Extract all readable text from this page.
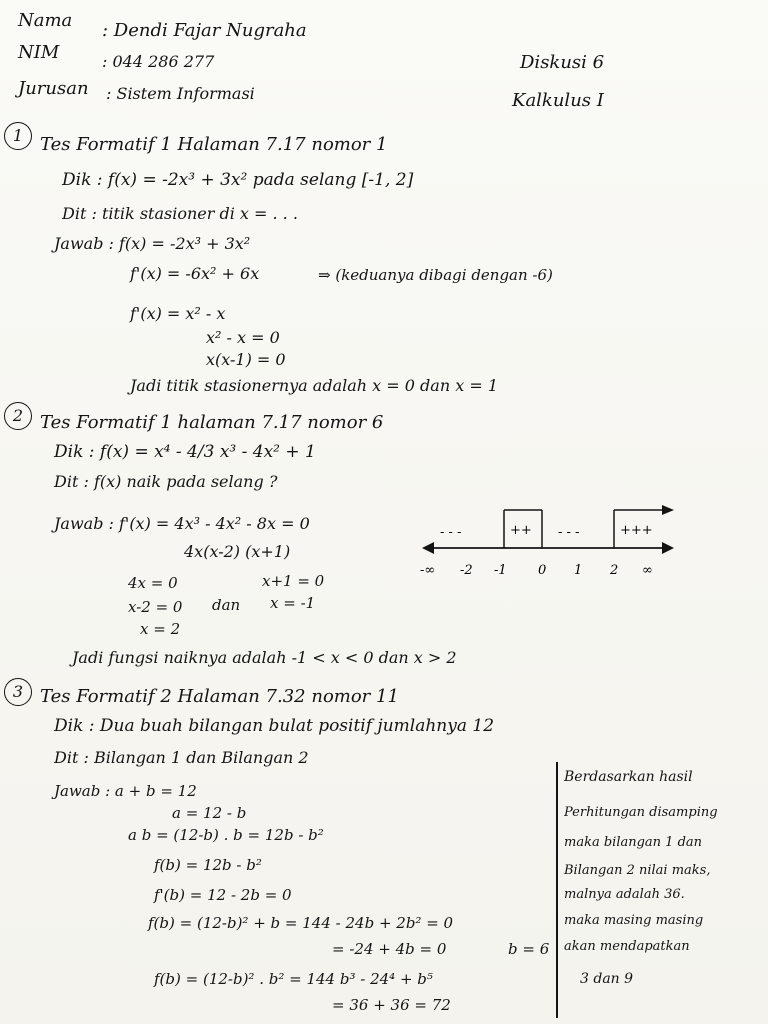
Nama : Dendi Fajar Nugraha
NIM	: 044 286 277
Jurusan : Sistem Informasi
Diskusi 6
Kalkulus I
1 Tes Formatif 1 Halaman 7.17 nomor 1
Dik : f(x) = -2x³ + 3x² pada selang [-1, 2]
Dit : titik stasioner di x = . . .
Jawab : f(x) = -2x³ + 3x²
f'(x) = -6x² + 6x	⇒ (keduanya dibagi dengan -6)
f'(x) = x² - x
x² - x = 0
x(x-1) = 0
Jadi titik stasionernya adalah x = 0 dan x = 1
2 Tes Formatif 1 halaman 7.17 nomor 6
Dik : f(x) = x⁴ - 4/3 x³ - 4x² + 1
Dit : f(x) naik pada selang ?
Jawab : f'(x) = 4x³ - 4x² - 8x = 0
4x(x-2) (x+1)
4x = 0	x+1 = 0
x-2 = 0 dan x = -1
x = 2
Jadi fungsi naiknya adalah -1 < x < 0 dan x > 2
- - -	++ - - -	+++
-∞ -2 -1 0 1 2 ∞
3 Tes Formatif 2 Halaman 7.32 nomor 11
Dik : Dua buah bilangan bulat positif jumlahnya 12
Dit : Bilangan 1 dan Bilangan 2
Jawab : a + b = 12
a = 12 - b
a b = (12-b) . b = 12b - b²
f(b) = 12b - b²
f'(b) = 12 - 2b = 0
f(b) = (12-b)² + b = 144 - 24b + 2b² = 0
= -24 + 4b = 0	b = 6
f(b) = (12-b)² . b² = 144 b³ - 24⁴ + b⁵
= 36 + 36 = 72
Berdasarkan hasil
Perhitungan disamping
maka bilangan 1 dan
Bilangan 2 nilai maks,
malnya adalah 36.
maka masing masing
akan mendapatkan
3 dan 9
